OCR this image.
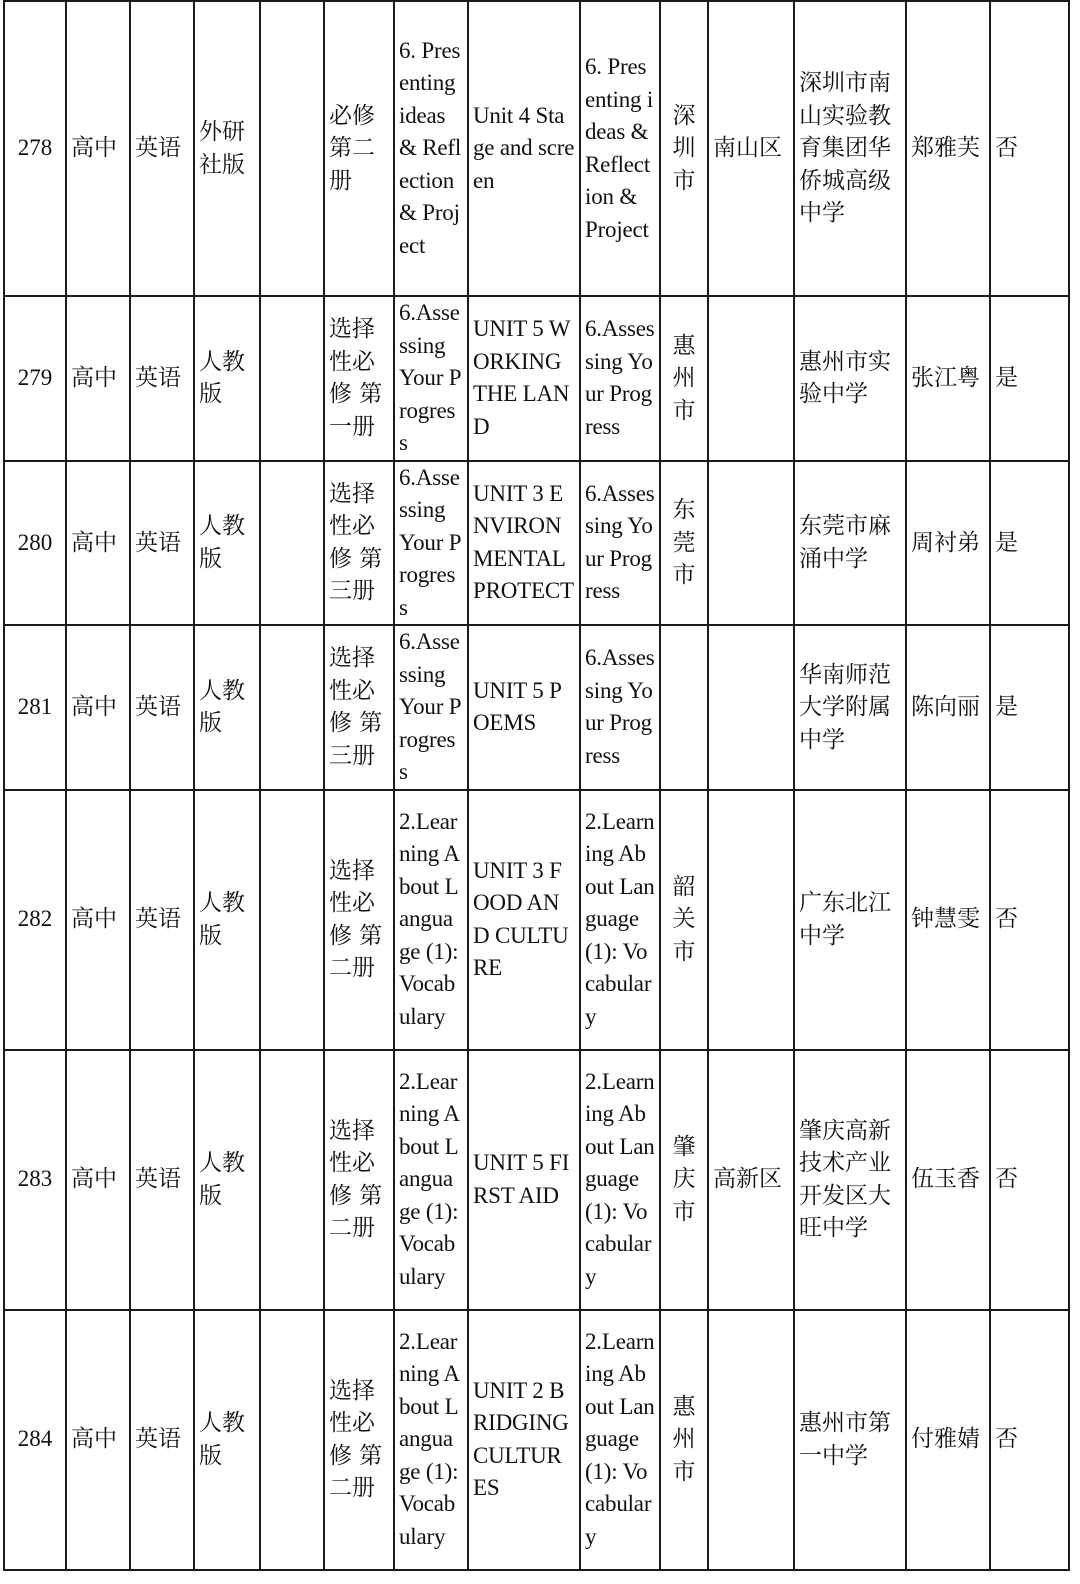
278	高中	英语	外研社版		必修第二册	6. Presenting ideas & Reflection & Project	Unit 4 Stage and screen	6. Presenting ideas & Reflection & Project	深圳市	南山区	深圳市南山实验教育集团华侨城高级中学	郑雅芙	否
279	高中	英语	人教版		选择性必修 第一册	6.Assessing Your Progress	UNIT 5 WORKING THE LAND	6.Assessing Your Progress	惠州市		惠州市实验中学	张江粤	是
280	高中	英语	人教版		选择性必修 第三册	6.Assessing Your Progress	UNIT 3 ENVIRONMENTAL PROTECT	6.Assessing Your Progress	东莞市		东莞市麻涌中学	周衬弟	是
281	高中	英语	人教版		选择性必修 第三册	6.Assessing Your Progress	UNIT 5 POEMS	6.Assessing Your Progress			华南师范大学附属中学	陈向丽	是
282	高中	英语	人教版		选择性必修 第二册	2.Learning About Language (1): Vocabulary	UNIT 3 FOOD AND CULTURE	2.Learning About Language (1): Vocabulary	韶关市		广东北江中学	钟慧雯	否
283	高中	英语	人教版		选择性必修 第二册	2.Learning About Language (1): Vocabulary	UNIT 5 FIRST AID	2.Learning About Language (1): Vocabulary	肇庆市	高新区	肇庆高新技术产业开发区大旺中学	伍玉香	否
284	高中	英语	人教版		选择性必修 第二册	2.Learning About Language (1): Vocabulary	UNIT 2 BRIDGING CULTURES	2.Learning About Language (1): Vocabulary	惠州市		惠州市第一中学	付雅婧	否
